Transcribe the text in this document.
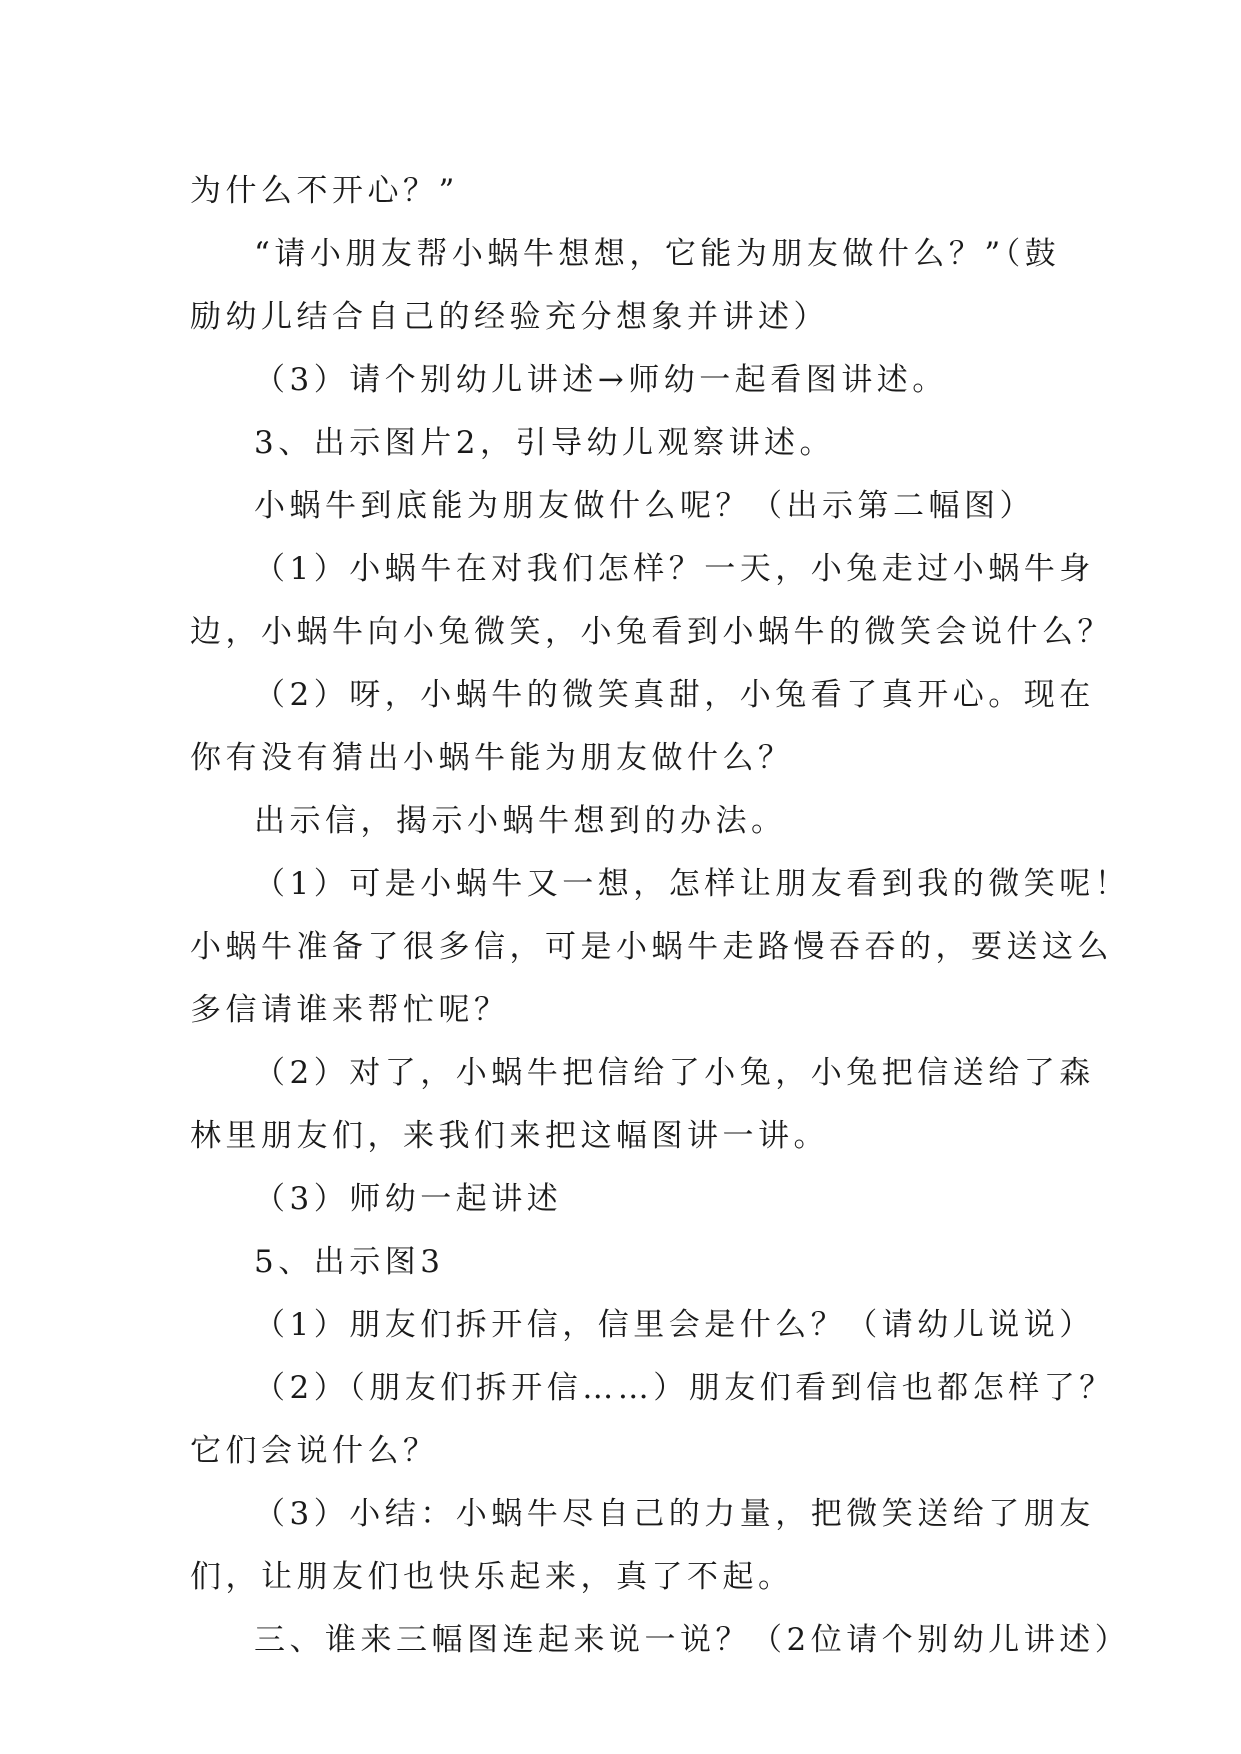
为什么不开心？”
“请小朋友帮小蜗牛想想，它能为朋友做什么？”（鼓
励幼儿结合自己的经验充分想象并讲述）
（3）请个别幼儿讲述→师幼一起看图讲述。
3、出示图片2，引导幼儿观察讲述。
小蜗牛到底能为朋友做什么呢？（出示第二幅图）
（1）小蜗牛在对我们怎样？一天，小兔走过小蜗牛身
边，小蜗牛向小兔微笑，小兔看到小蜗牛的微笑会说什么？
（2）呀，小蜗牛的微笑真甜，小兔看了真开心。现在
你有没有猜出小蜗牛能为朋友做什么？
出示信，揭示小蜗牛想到的办法。
（1）可是小蜗牛又一想，怎样让朋友看到我的微笑呢！
小蜗牛准备了很多信，可是小蜗牛走路慢吞吞的，要送这么
多信请谁来帮忙呢？
（2）对了，小蜗牛把信给了小兔，小兔把信送给了森
林里朋友们，来我们来把这幅图讲一讲。
（3）师幼一起讲述
5、出示图3
（1）朋友们拆开信，信里会是什么？（请幼儿说说）
（2）（朋友们拆开信……）朋友们看到信也都怎样了？
它们会说什么？
（3）小结：小蜗牛尽自己的力量，把微笑送给了朋友
们，让朋友们也快乐起来，真了不起。
三、谁来三幅图连起来说一说？（2位请个别幼儿讲述）
